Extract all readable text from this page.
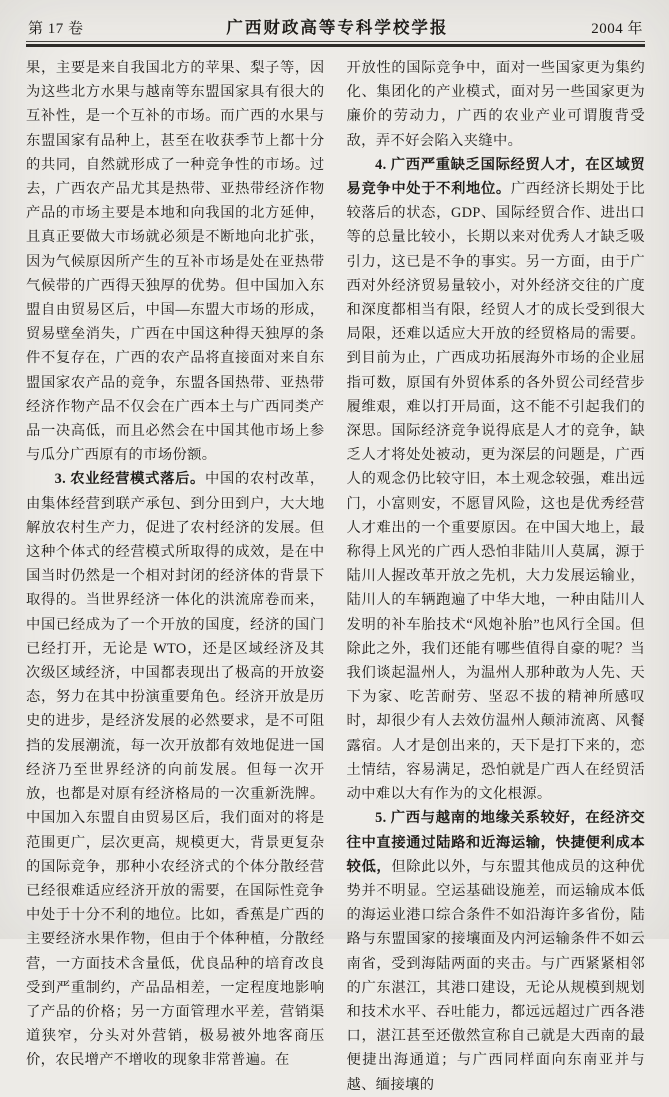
第 17 卷	广西财政高等专科学校学报	2004 年

果，主要是来自我国北方的苹果、梨子等，因为这些北方水果与越南等东盟国家具有很大的互补性，是一个互补的市场。而广西的水果与东盟国家有品种上，甚至在收获季节上都十分的共同，自然就形成了一种竞争性的市场。过去，广西农产品尤其是热带、亚热带经济作物产品的市场主要是本地和向我国的北方延伸，且真正要做大市场就必须是不断地向北扩张，因为气候原因所产生的互补市场是处在亚热带气候带的广西得天独厚的优势。但中国加入东盟自由贸易区后，中国—东盟大市场的形成，贸易壁垒消失，广西在中国这种得天独厚的条件不复存在，广西的农产品将直接面对来自东盟国家农产品的竞争，东盟各国热带、亚热带经济作物产品不仅会在广西本土与广西同类产品一决高低，而且必然会在中国其他市场上参与瓜分广西原有的市场份额。

3. 农业经营模式落后。中国的农村改革，由集体经营到联产承包、到分田到户，大大地解放农村生产力，促进了农村经济的发展。但这种个体式的经营模式所取得的成效，是在中国当时仍然是一个相对封闭的经济体的背景下取得的。当世界经济一体化的洪流席卷而来，中国已经成为了一个开放的国度，经济的国门已经打开，无论是 WTO，还是区域经济及其次级区域经济，中国都表现出了极高的开放姿态，努力在其中扮演重要角色。经济开放是历史的进步，是经济发展的必然要求，是不可阻挡的发展潮流，每一次开放都有效地促进一国经济乃至世界经济的向前发展。但每一次开放，也都是对原有经济格局的一次重新洗牌。中国加入东盟自由贸易区后，我们面对的将是范围更广，层次更高，规模更大，背景更复杂的国际竞争，那种小农经济式的个体分散经营已经很难适应经济开放的需要，在国际性竞争中处于十分不利的地位。比如，香蕉是广西的主要经济水果作物，但由于个体种植，分散经营，一方面技术含量低，优良品种的培育改良受到严重制约，产品品相差，一定程度地影响了产品的价格；另一方面管理水平差，营销渠道狭窄，分头对外营销，极易被外地客商压价，农民增产不增收的现象非常普遍。在

开放性的国际竞争中，面对一些国家更为集约化、集团化的产业模式，面对另一些国家更为廉价的劳动力，广西的农业产业可谓腹背受敌，弄不好会陷入夹缝中。

4. 广西严重缺乏国际经贸人才，在区域贸易竞争中处于不利地位。广西经济长期处于比较落后的状态，GDP、国际经贸合作、进出口等的总量比较小，长期以来对优秀人才缺乏吸引力，这已是不争的事实。另一方面，由于广西对外经济贸易量较小，对外经济交往的广度和深度都相当有限，经贸人才的成长受到很大局限，还难以适应大开放的经贸格局的需要。到目前为止，广西成功拓展海外市场的企业屈指可数，原国有外贸体系的各外贸公司经营步履维艰，难以打开局面，这不能不引起我们的深思。国际经济竞争说得底是人才的竞争，缺乏人才将处处被动，更为深层的问题是，广西人的观念仍比较守旧，本土观念较强，难出远门，小富则安，不愿冒风险，这也是优秀经营人才难出的一个重要原因。在中国大地上，最称得上风光的广西人恐怕非陆川人莫属，源于陆川人握改革开放之先机，大力发展运输业，陆川人的车辆跑遍了中华大地，一种由陆川人发明的补车胎技术“风炮补胎”也风行全国。但除此之外，我们还能有哪些值得自豪的呢？当我们谈起温州人，为温州人那种敢为人先、天下为家、吃苦耐劳、坚忍不拔的精神所感叹时，却很少有人去效仿温州人颠沛流离、风餐露宿。人才是创出来的，天下是打下来的，恋土情结，容易满足，恐怕就是广西人在经贸活动中难以大有作为的文化根源。

5. 广西与越南的地缘关系较好，在经济交往中直接通过陆路和近海运输，快捷便利成本较低，但除此以外，与东盟其他成员的这种优势并不明显。空运基础设施差，而运输成本低的海运业港口综合条件不如沿海许多省份，陆路与东盟国家的接壤面及内河运输条件不如云南省，受到海陆两面的夹击。与广西紧紧相邻的广东湛江，其港口建设，无论从规模到规划和技术水平、吞吐能力，都远远超过广西各港口，湛江甚至还傲然宣称自己就是大西南的最便捷出海通道；与广西同样面向东南亚并与越、缅接壤的
